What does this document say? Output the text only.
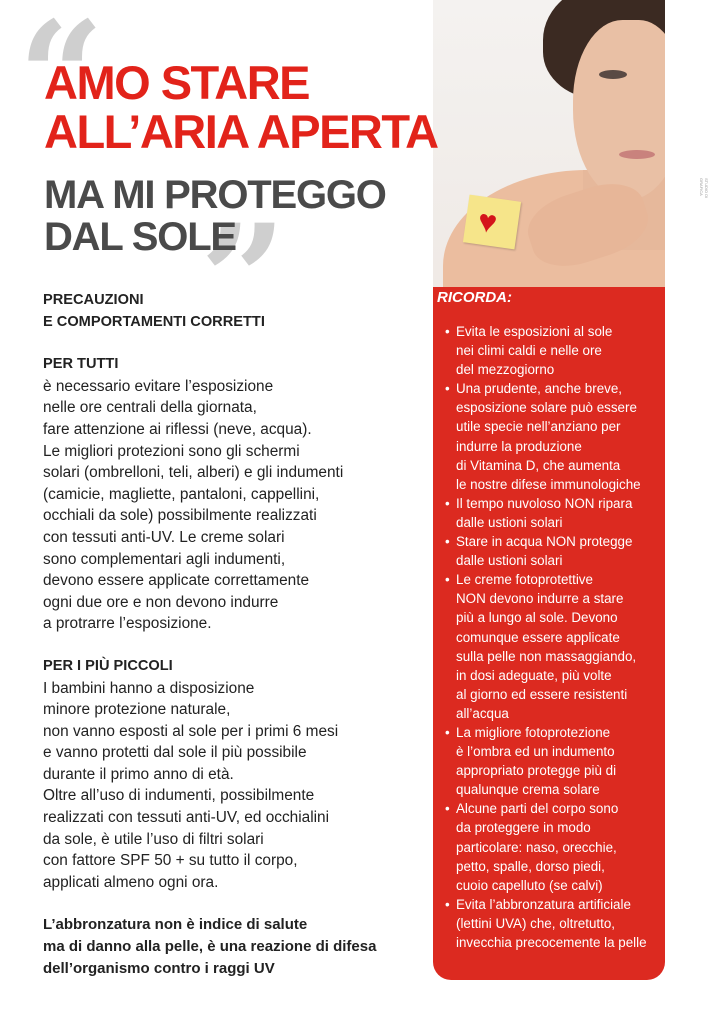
“
AMO STARE
ALL’ARIA APERTA
MA MI PROTEGGO
DAL SOLE
”
PRECAUZIONI
E COMPORTAMENTI CORRETTI
PER TUTTI
è necessario evitare l’esposizione
nelle ore centrali della giornata,
fare attenzione ai riflessi (neve, acqua).
Le migliori protezioni sono gli schermi
solari (ombrelloni, teli, alberi) e gli indumenti
(camicie, magliette, pantaloni, cappellini,
occhiali da sole) possibilmente realizzati
con tessuti anti-UV. Le creme solari
sono complementari agli indumenti,
devono essere applicate correttamente
ogni due ore e non devono indurre
a protrarre l’esposizione.
PER I PIÙ PICCOLI
I bambini hanno a disposizione
minore protezione naturale,
non vanno esposti al sole per i primi 6 mesi
e vanno protetti dal sole il più possibile
durante il primo anno di età.
Oltre all’uso di indumenti, possibilmente
realizzati con tessuti anti-UV, ed occhialini
da sole, è utile l’uso di filtri solari
con fattore SPF 50 + su tutto il corpo,
applicati almeno ogni ora.
L’abbronzatura non è indice di salute
ma di danno alla pelle, è una reazione di difesa
dell’organismo contro i raggi UV
♥
RICORDA:
• Evita le esposizioni al sole
nei climi caldi e nelle ore
del mezzogiorno
• Una prudente, anche breve,
esposizione solare può essere
utile specie nell’anziano per
indurre la produzione
di Vitamina D, che aumenta
le nostre difese immunologiche
• Il tempo nuvoloso NON ripara
dalle ustioni solari
• Stare in acqua NON protegge
dalle ustioni solari
• Le creme fotoprotettive
NON devono indurre a stare
più a lungo al sole. Devono
comunque essere applicate
sulla pelle non massaggiando,
in dosi adeguate, più volte
al giorno ed essere resistenti
all’acqua
• La migliore fotoprotezione
è l’ombra ed un indumento
appropriato protegge più di
qualunque crema solare
• Alcune parti del corpo sono
da proteggere in modo
particolare: naso, orecchie,
petto, spalle, dorso piedi,
cuoio capelluto (se calvi)
• Evita l’abbronzatura artificiale
(lettini UVA) che, oltretutto,
invecchia precocemente la pelle
STUDIO DI GRAFICA
